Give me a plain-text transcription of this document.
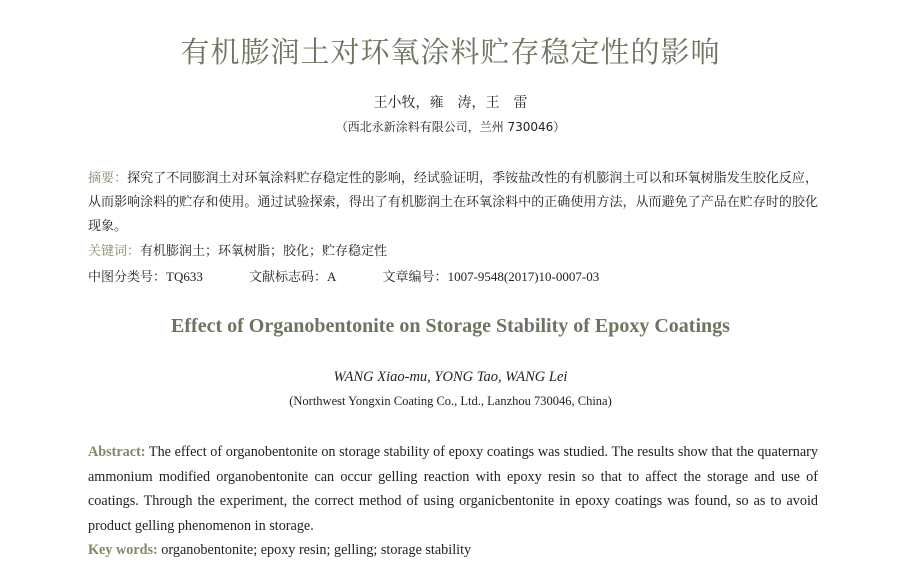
有机膨润土对环氧涂料贮存稳定性的影响
王小牧，雍　涛，王　雷
（西北永新涂料有限公司，兰州 730046）
摘要：探究了不同膨润土对环氧涂料贮存稳定性的影响，经试验证明，季铵盐改性的有机膨润土可以和环氧树脂发生胶化反应，从而影响涂料的贮存和使用。通过试验探索，得出了有机膨润土在环氧涂料中的正确使用方法，从而避免了产品在贮存时的胶化现象。
关键词：有机膨润土；环氧树脂；胶化；贮存稳定性
中图分类号：TQ633	文献标志码：A	文章编号：1007-9548(2017)10-0007-03
Effect of Organobentonite on Storage Stability of Epoxy Coatings
WANG Xiao-mu, YONG Tao, WANG Lei
(Northwest Yongxin Coating Co., Ltd., Lanzhou 730046, China)
Abstract: The effect of organobentonite on storage stability of epoxy coatings was studied. The results show that the quaternary ammonium modified organobentonite can occur gelling reaction with epoxy resin so that to affect the storage and use of coatings. Through the experiment, the correct method of using organicbentonite in epoxy coatings was found, so as to avoid product gelling phenomenon in storage.
Key words: organobentonite; epoxy resin; gelling; storage stability
